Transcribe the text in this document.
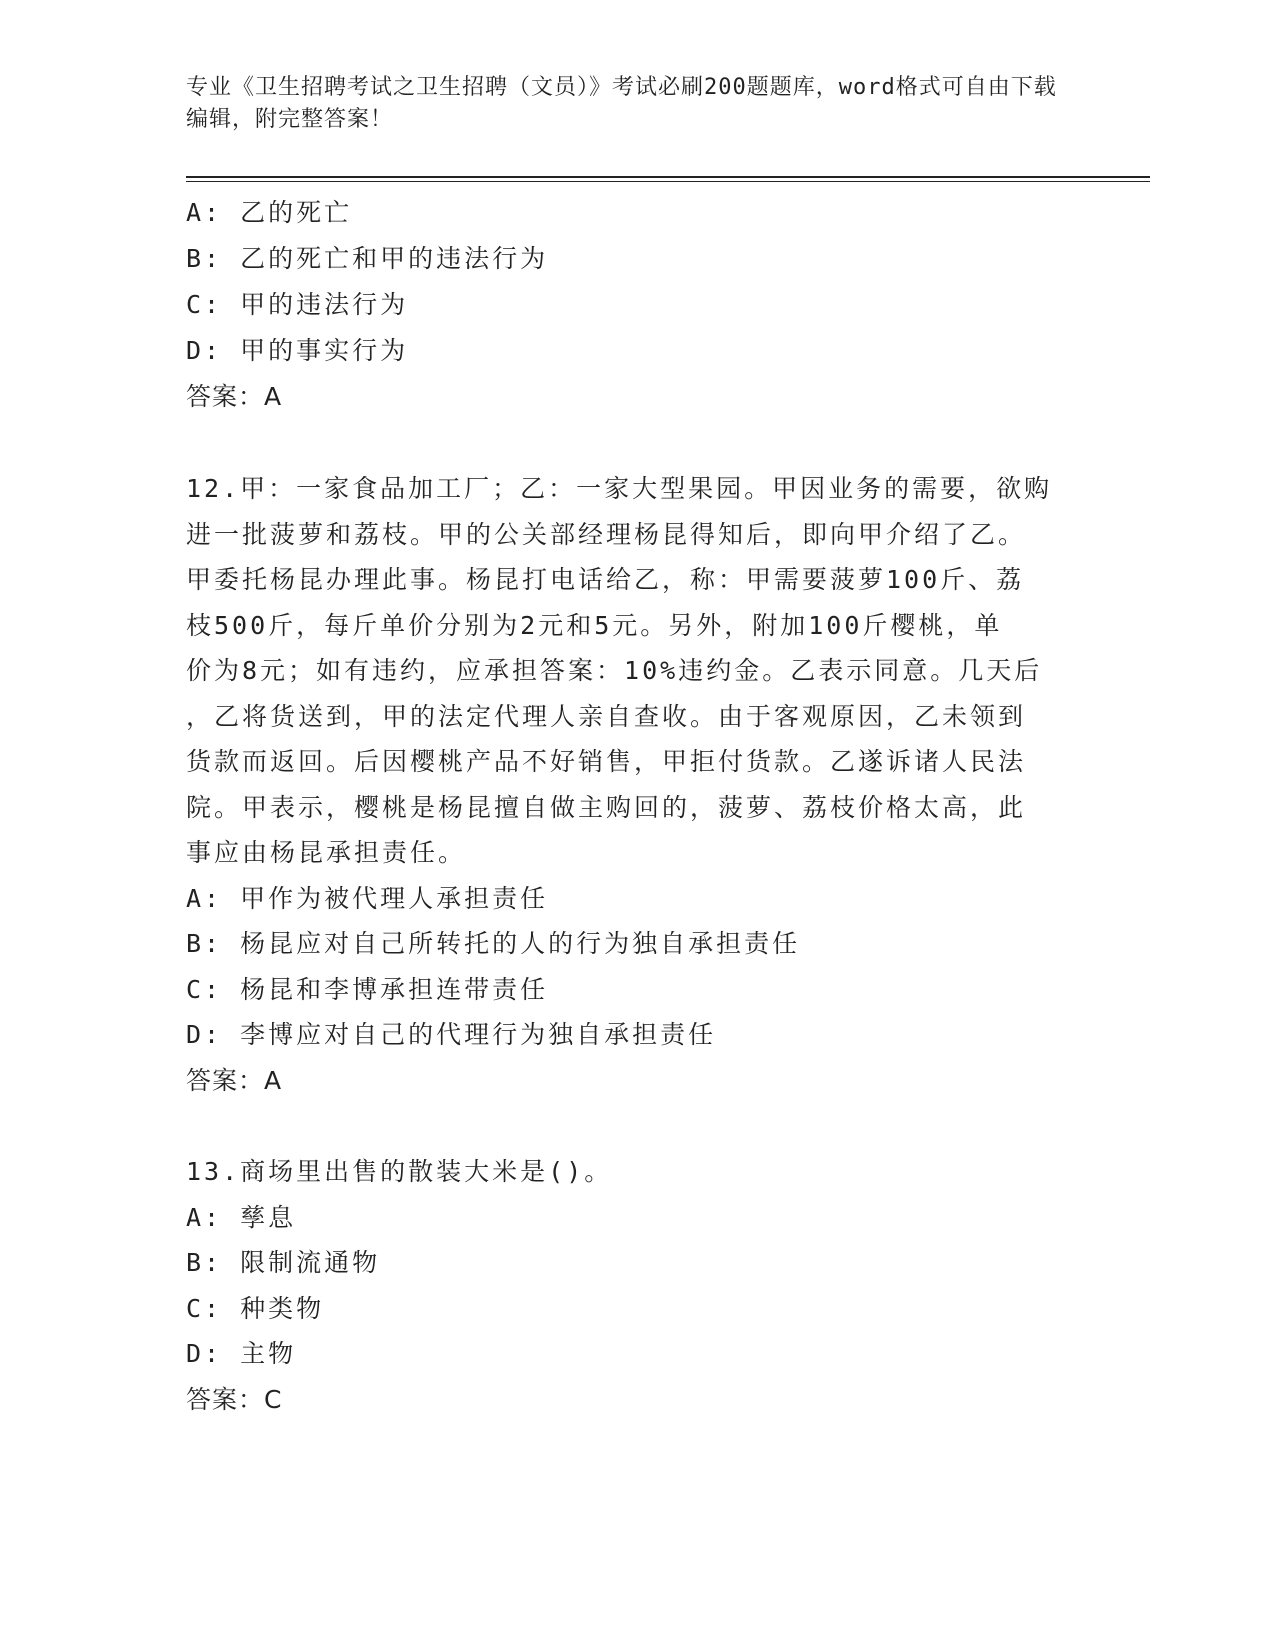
专业《卫生招聘考试之卫生招聘（文员）》考试必刷200题题库，word格式可自由下载编辑，附完整答案！
A: 乙的死亡
B: 乙的死亡和甲的违法行为
C: 甲的违法行为
D: 甲的事实行为
答案：A
12.甲：一家食品加工厂；乙：一家大型果园。甲因业务的需要，欲购
进一批菠萝和荔枝。甲的公关部经理杨昆得知后，即向甲介绍了乙。
甲委托杨昆办理此事。杨昆打电话给乙，称：甲需要菠萝100斤、荔
枝500斤，每斤单价分别为2元和5元。另外，附加100斤樱桃，单
价为8元；如有违约，应承担答案：10%违约金。乙表示同意。几天后
，乙将货送到，甲的法定代理人亲自查收。由于客观原因，乙未领到
货款而返回。后因樱桃产品不好销售，甲拒付货款。乙遂诉诸人民法
院。甲表示，樱桃是杨昆擅自做主购回的，菠萝、荔枝价格太高，此
事应由杨昆承担责任。
A: 甲作为被代理人承担责任
B: 杨昆应对自己所转托的人的行为独自承担责任
C: 杨昆和李博承担连带责任
D: 李博应对自己的代理行为独自承担责任
答案：A
13.商场里出售的散装大米是()。
A: 孳息
B: 限制流通物
C: 种类物
D: 主物
答案：C
